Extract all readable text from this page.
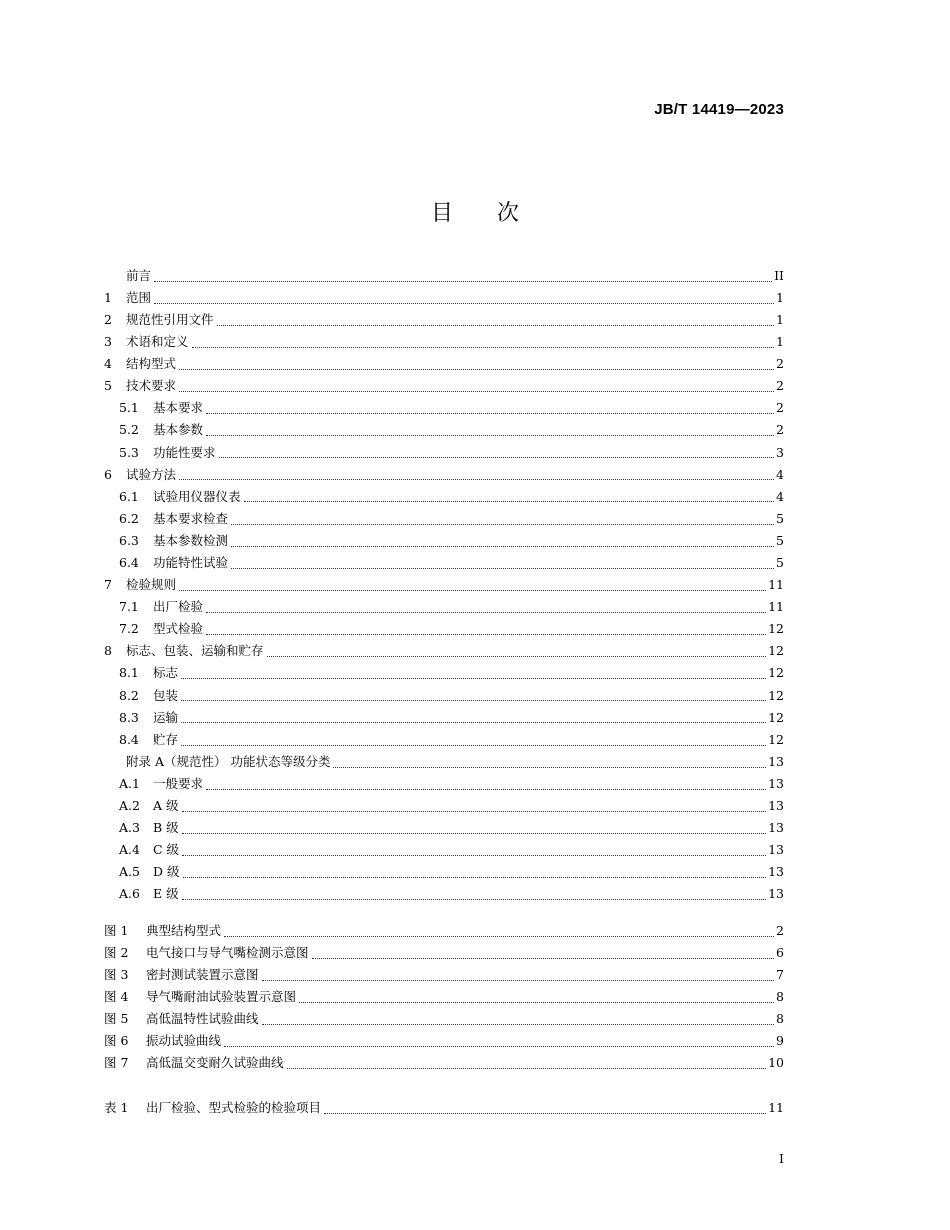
JB/T 14419—2023
目 次
前言	II
1	范围	1
2	规范性引用文件	1
3	术语和定义	1
4	结构型式	2
5	技术要求	2
5.1	基本要求	2
5.2	基本参数	2
5.3	功能性要求	3
6	试验方法	4
6.1	试验用仪器仪表	4
6.2	基本要求检查	5
6.3	基本参数检测	5
6.4	功能特性试验	5
7	检验规则	11
7.1	出厂检验	11
7.2	型式检验	12
8	标志、包装、运输和贮存	12
8.1	标志	12
8.2	包装	12
8.3	运输	12
8.4	贮存	12
附录 A（规范性） 功能状态等级分类	13
A.1	一般要求	13
A.2	A 级	13
A.3	B 级	13
A.4	C 级	13
A.5	D 级	13
A.6	E 级	13
图 1	典型结构型式	2
图 2	电气接口与导气嘴检测示意图	6
图 3	密封测试装置示意图	7
图 4	导气嘴耐油试验装置示意图	8
图 5	高低温特性试验曲线	8
图 6	振动试验曲线	9
图 7	高低温交变耐久试验曲线	10
表 1	出厂检验、型式检验的检验项目	11
I
